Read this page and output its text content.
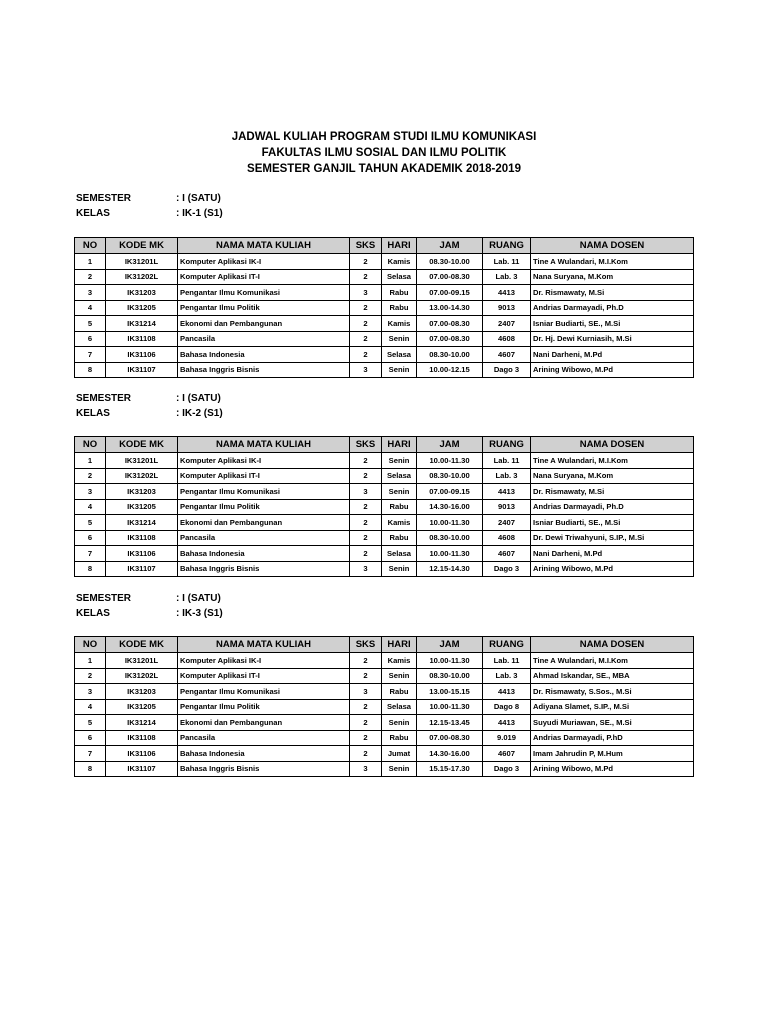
JADWAL KULIAH PROGRAM STUDI ILMU KOMUNIKASI
FAKULTAS ILMU SOSIAL DAN ILMU POLITIK
SEMESTER GANJIL TAHUN AKADEMIK 2018-2019
SEMESTER	: I (SATU)
KELAS	: IK-1 (S1)
SEMESTER	: I (SATU)
KELAS	: IK-2 (S1)
SEMESTER	: I (SATU)
KELAS	: IK-3 (S1)
NO	KODE MK	NAMA MATA KULIAH	SKS	HARI	JAM	RUANG	NAMA DOSEN
1	IK31201L	Komputer Aplikasi IK-I	2	Kamis	08.30-10.00	Lab. 11	Tine A Wulandari, M.I.Kom
2	IK31202L	Komputer Aplikasi IT-I	2	Selasa	07.00-08.30	Lab. 3	Nana Suryana, M.Kom
3	IK31203	Pengantar Ilmu Komunikasi	3	Rabu	07.00-09.15	4413	Dr. Rismawaty, M.Si
4	IK31205	Pengantar Ilmu Politik	2	Rabu	13.00-14.30	9013	Andrias Darmayadi, Ph.D
5	IK31214	Ekonomi dan Pembangunan	2	Kamis	07.00-08.30	2407	Isniar Budiarti, SE., M.Si
6	IK31108	Pancasila	2	Senin	07.00-08.30	4608	Dr. Hj. Dewi Kurniasih, M.Si
7	IK31106	Bahasa Indonesia	2	Selasa	08.30-10.00	4607	Nani Darheni, M.Pd
8	IK31107	Bahasa Inggris Bisnis	3	Senin	10.00-12.15	Dago 3	Arining Wibowo, M.Pd
NO	KODE MK	NAMA MATA KULIAH	SKS	HARI	JAM	RUANG	NAMA DOSEN
1	IK31201L	Komputer Aplikasi IK-I	2	Senin	10.00-11.30	Lab. 11	Tine A Wulandari, M.I.Kom
2	IK31202L	Komputer Aplikasi IT-I	2	Selasa	08.30-10.00	Lab. 3	Nana Suryana, M.Kom
3	IK31203	Pengantar Ilmu Komunikasi	3	Senin	07.00-09.15	4413	Dr. Rismawaty, M.Si
4	IK31205	Pengantar Ilmu Politik	2	Rabu	14.30-16.00	9013	Andrias Darmayadi, Ph.D
5	IK31214	Ekonomi dan Pembangunan	2	Kamis	10.00-11.30	2407	Isniar Budiarti, SE., M.Si
6	IK31108	Pancasila	2	Rabu	08.30-10.00	4608	Dr. Dewi Triwahyuni, S.IP., M.Si
7	IK31106	Bahasa Indonesia	2	Selasa	10.00-11.30	4607	Nani Darheni, M.Pd
8	IK31107	Bahasa Inggris Bisnis	3	Senin	12.15-14.30	Dago 3	Arining Wibowo, M.Pd
NO	KODE MK	NAMA MATA KULIAH	SKS	HARI	JAM	RUANG	NAMA DOSEN
1	IK31201L	Komputer Aplikasi IK-I	2	Kamis	10.00-11.30	Lab. 11	Tine A Wulandari, M.I.Kom
2	IK31202L	Komputer Aplikasi IT-I	2	Senin	08.30-10.00	Lab. 3	Ahmad Iskandar, SE., MBA
3	IK31203	Pengantar Ilmu Komunikasi	3	Rabu	13.00-15.15	4413	Dr. Rismawaty, S.Sos., M.Si
4	IK31205	Pengantar Ilmu Politik	2	Selasa	10.00-11.30	Dago 8	Adiyana Slamet, S.IP., M.Si
5	IK31214	Ekonomi dan Pembangunan	2	Senin	12.15-13.45	4413	Suyudi Muriawan, SE., M.Si
6	IK31108	Pancasila	2	Rabu	07.00-08.30	9.019	Andrias Darmayadi, P.hD
7	IK31106	Bahasa Indonesia	2	Jumat	14.30-16.00	4607	Imam Jahrudin P, M.Hum
8	IK31107	Bahasa Inggris Bisnis	3	Senin	15.15-17.30	Dago 3	Arining Wibowo, M.Pd
